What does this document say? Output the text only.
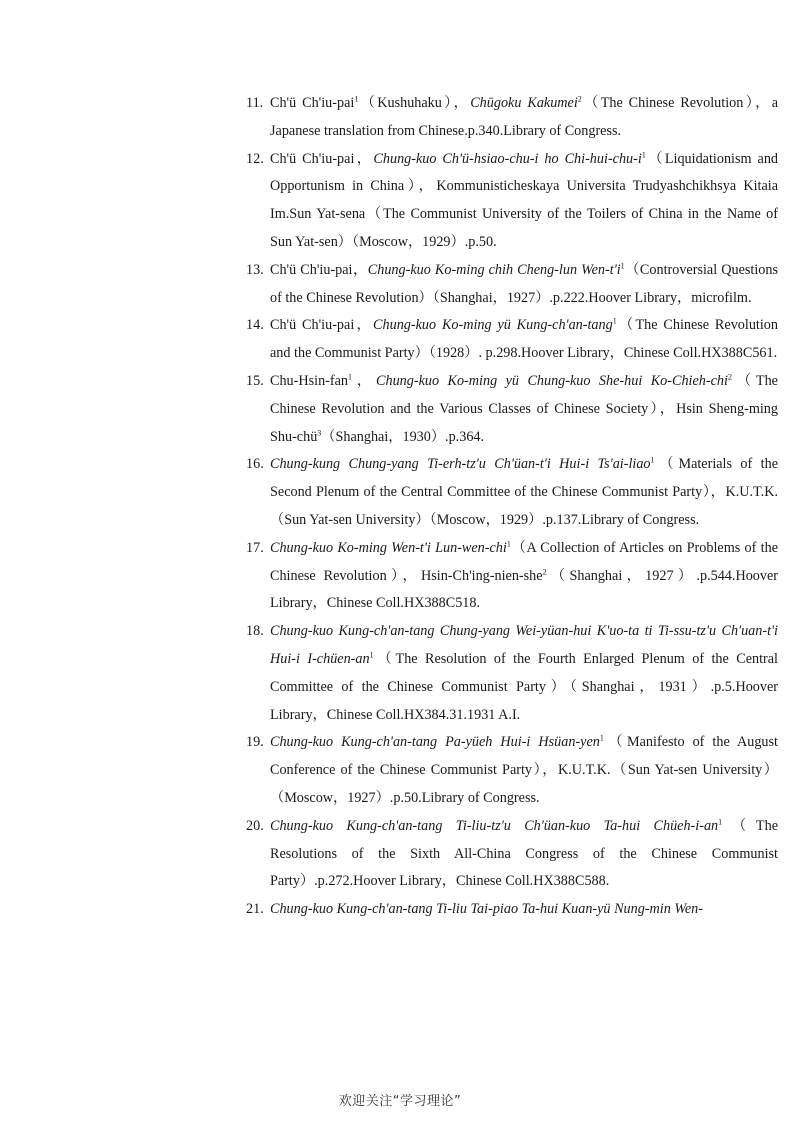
11. Ch'ü Ch'iu-pai$^1$（Kushuhaku），Chūgoku Kakumei$^2$（The Chinese Revolution），a Japanese translation from Chinese.p.340.Library of Congress.
12. Ch'ü Ch'iu-pai，Chung-kuo Ch'ü-hsiao-chu-i ho Chi-$hui-chu-i^1(Liquidationism$ and Opportunism in China），Kommunisticheskaya Universita Trudyashchikhsya Kitaia Im.Sun Yat-sena（The Communist University of the Toilers of China in the Name of Sun Yat-sen）（Moscow，1929）.p.50.
13. Ch'ü Ch'iu-pai，Chung-kuo Ko-ming chih Cheng-lun Wen-$t'i^1(Controversial$ Questions of the Chinese Revolution）（Shanghai，1927）.p.222.Hoover Library，microfilm.
14. Ch'ü Ch'iu-pai，Chung-kuo Ko-ming yü Kung-ch'an-tang$^1$（The Chinese Revolution and the Communist Party）（1928）. p.298.Hoover Library，Chinese Coll.HX388C561.
15. Chu-Hsin-fan$^1$，Chung-kuo Ko-ming yü Chung-kuo She-hui Ko-Chieh-chi$^2$（The Chinese Revolution and the Various Classes of Chinese Society），Hsin Sheng-ming Shu-chü$^3$（Shanghai，1930）.p.364.
16. Chung-kung Chung-yang Ti-erh-tz'u Ch'üan-t'i Hui-i Ts'ai-liao$^1$（Materials of the Second Plenum of the Central Committee of the Chinese Communist Party），K.U.T.K.（Sun Yat-sen University）（Moscow，1929）.p.137.Library of Congress.
17. Chung-kuo Ko-ming Wen-t'i Lun-wen-chi$^1$（A Collection of Articles on Problems of the Chinese Revolution），Hsin-Ch'ing-nien-she$^2$（Shanghai，1927）.p.544.Hoover Library，Chinese Coll.HX388C518.
18. Chung-kuo Kung-ch'an-tang Chung-yang Wei-yüan-hui K'uo-ta ti Ti-ssu-tz'u Ch'uan-t'i Hui-i $I-chüen-an^1(The$ Resolution of the Fourth Enlarged Plenum of the Central Committee of the Chinese Communist Party）（Shanghai，1931）.p.5.Hoover Library，Chinese Coll.HX384.31.1931 A.I.
19. Chung-kuo Kung-ch'an-tang Pa-yüeh Hui-i Hsüan-yen$^1$（Manifesto of the August Conference of the Chinese Communist Party），K.U.T.K.（Sun Yat-sen University）（Moscow，1927）.p.50.Library of Congress.
20. Chung-kuo Kung-ch'an-tang Ti-liu-tz'u Ch'üan-kuo Ta-hui Chüeh-$i-an^1(The$ Resolutions of the Sixth All-China Congress of the Chinese Communist Party）.p.272.Hoover Library，Chinese Coll.HX388C588.
21. Chung-kuo Kung-ch'an-tang Ti-liu Tai-piao Ta-hui Kuan-yü Nung-min Wen-
欢迎关注“学习理论”
